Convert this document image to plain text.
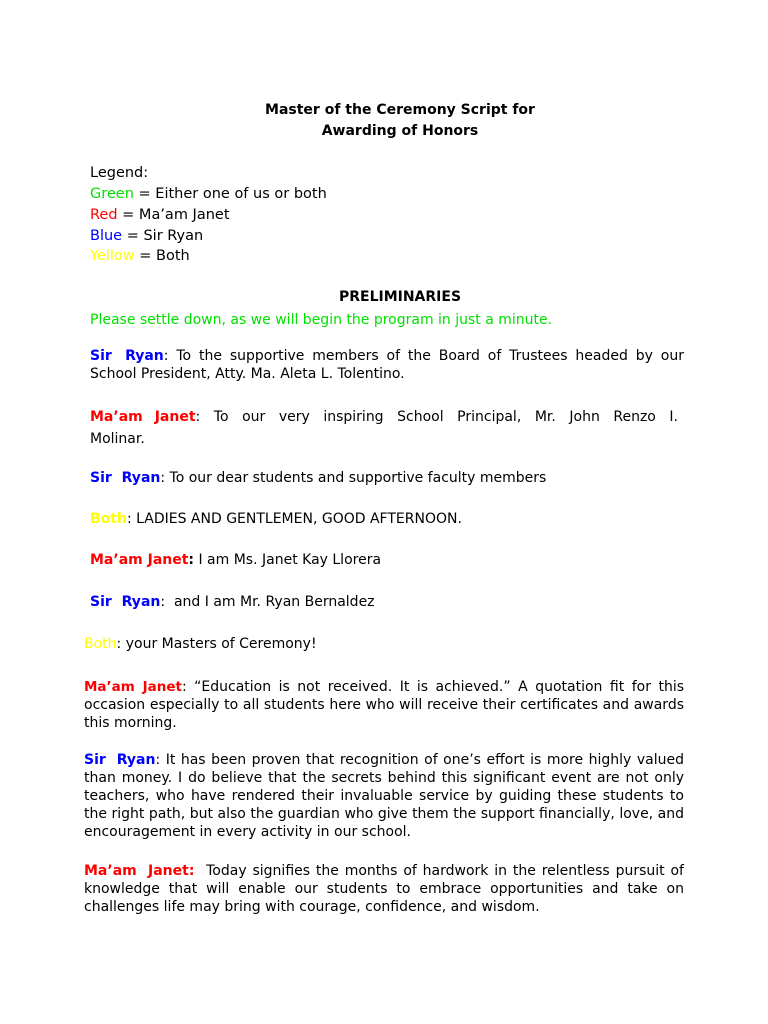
Master of the Ceremony Script for
Awarding of Honors
Legend:
Green = Either one of us or both
Red = Ma’am Janet
Blue = Sir Ryan
Yellow = Both
PRELIMINARIES
Please settle down, as we will begin the program in just a minute.
Sir Ryan: To the supportive members of the Board of Trustees headed by our School President, Atty. Ma. Aleta L. Tolentino.
Ma’am Janet: To our very inspiring School Principal, Mr. John Renzo I. Molinar.
Sir Ryan: To our dear students and supportive faculty members
Both: LADIES AND GENTLEMEN, GOOD AFTERNOON.
Ma’am Janet: I am Ms. Janet Kay Llorera
Sir Ryan:  and I am Mr. Ryan Bernaldez
Both: your Masters of Ceremony!
Ma’am Janet: “Education is not received. It is achieved.” A quotation fit for this occasion especially to all students here who will receive their certificates and awards this morning.
Sir Ryan: It has been proven that recognition of one’s effort is more highly valued than money. I do believe that the secrets behind this significant event are not only teachers, who have rendered their invaluable service by guiding these students to the right path, but also the guardian who give them the support financially, love, and encouragement in every activity in our school.
Ma’am Janet:  Today signifies the months of hardwork in the relentless pursuit of knowledge that will enable our students to embrace opportunities and take on challenges life may bring with courage, confidence, and wisdom.
